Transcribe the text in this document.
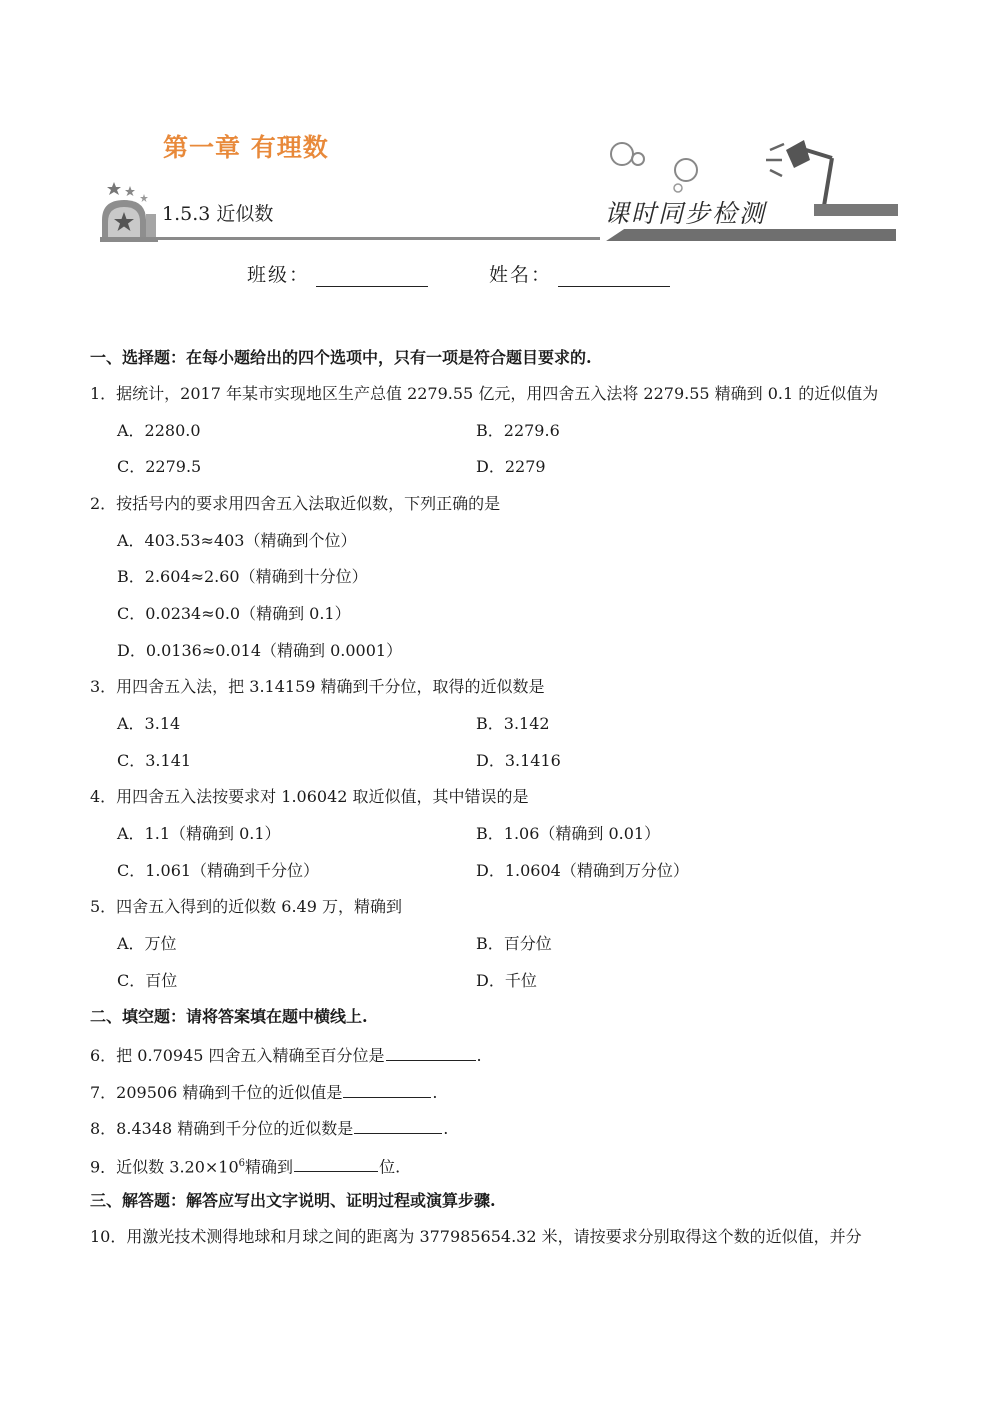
第一章 有理数
1.5.3 近似数	课时同步检测
班级：	姓名：
一、选择题：在每小题给出的四个选项中，只有一项是符合题目要求的.
1．据统计，2017 年某市实现地区生产总值 2279.55 亿元，用四舍五入法将 2279.55 精确到 0.1 的近似值为
A．2280.0	B．2279.6
C．2279.5	D．2279
2．按括号内的要求用四舍五入法取近似数，下列正确的是
A．403.53≈403（精确到个位）
B．2.604≈2.60（精确到十分位）
C．0.0234≈0.0（精确到 0.1）
D．0.0136≈0.014（精确到 0.0001）
3．用四舍五入法，把 3.14159 精确到千分位，取得的近似数是
A．3.14	B．3.142
C．3.141	D．3.1416
4．用四舍五入法按要求对 1.06042 取近似值，其中错误的是
A．1.1（精确到 0.1）	B．1.06（精确到 0.01）
C．1.061（精确到千分位）	D．1.0604（精确到万分位）
5．四舍五入得到的近似数 6.49 万，精确到
A．万位	B．百分位
C．百位	D．千位
二、填空题：请将答案填在题中横线上.
6．把 0.70945 四舍五入精确至百分位是	.
7．209506 精确到千位的近似值是	.
8．8.4348 精确到千分位的近似数是	.
9．近似数 $3.20\times 10^6$精确到	位.
三、解答题：解答应写出文字说明、证明过程或演算步骤.
10．用激光技术测得地球和月球之间的距离为 377985654.32 米，请按要求分别取得这个数的近似值，并分
